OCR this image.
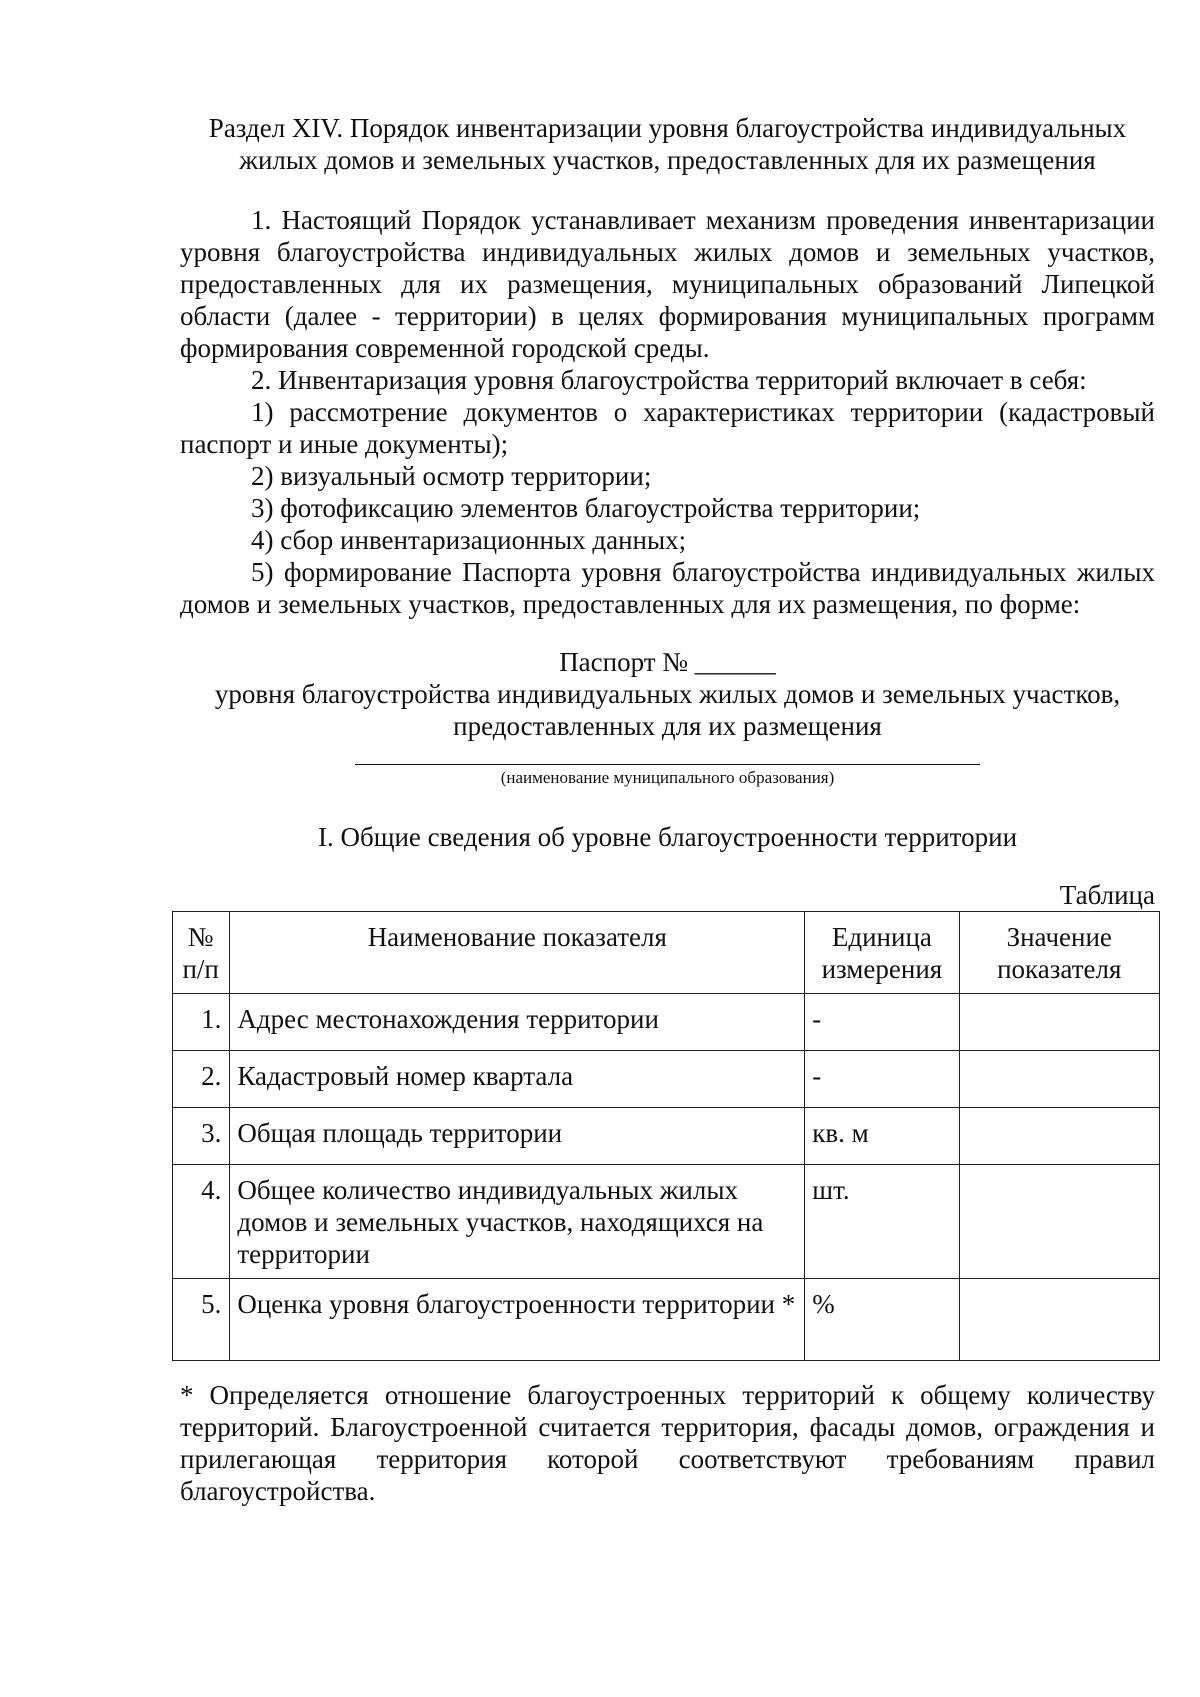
Раздел XIV. Порядок инвентаризации уровня благоустройства индивидуальных
жилых домов и земельных участков, предоставленных для их размещения

1. Настоящий Порядок устанавливает механизм проведения инвентаризации уровня благоустройства индивидуальных жилых домов и земельных участков, предоставленных для их размещения, муниципальных образований Липецкой области (далее - территории) в целях формирования муниципальных программ формирования современной городской среды.

2. Инвентаризация уровня благоустройства территорий включает в себя:

1) рассмотрение документов о характеристиках территории (кадастровый паспорт и иные документы);

2) визуальный осмотр территории;

3) фотофиксацию элементов благоустройства территории;

4) сбор инвентаризационных данных;

5) формирование Паспорта уровня благоустройства индивидуальных жилых домов и земельных участков, предоставленных для их размещения, по форме:

Паспорт № ______
уровня благоустройства индивидуальных жилых домов и земельных участков,
предоставленных для их размещения
(наименование муниципального образования)
I. Общие сведения об уровне благоустроенности территории
Таблица
№ п/п	Наименование показателя	Единица измерения	Значение показателя
1.	Адрес местонахождения территории	-	
2.	Кадастровый номер квартала	-	
3.	Общая площадь территории	кв. м	
4.	Общее количество индивидуальных жилых домов и земельных участков, находящихся на территории	шт.	
5.	Оценка уровня благоустроенности территории *	%	

* Определяется отношение благоустроенных территорий к общему количеству территорий. Благоустроенной считается территория, фасады домов, ограждения и прилегающая территория которой соответствуют требованиям правил благоустройства.
